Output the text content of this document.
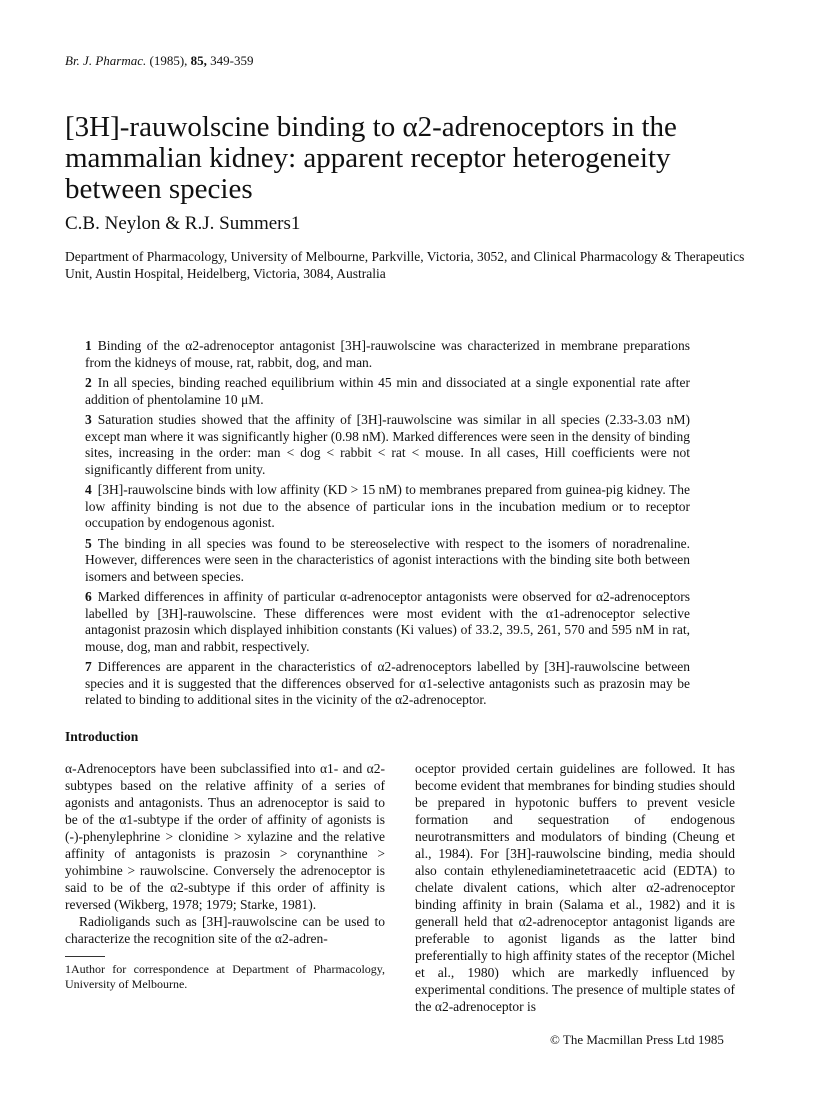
Br. J. Pharmac. (1985), 85, 349-359
[3H]-rauwolscine binding to α2-adrenoceptors in the mammalian kidney: apparent receptor heterogeneity between species
C.B. Neylon & R.J. Summers1

Department of Pharmacology, University of Melbourne, Parkville, Victoria, 3052, and Clinical Pharmacology & Therapeutics Unit, Austin Hospital, Heidelberg, Victoria, 3084, Australia

1 Binding of the α2-adrenoceptor antagonist [3H]-rauwolscine was characterized in membrane preparations from the kidneys of mouse, rat, rabbit, dog, and man.

2 In all species, binding reached equilibrium within 45 min and dissociated at a single exponential rate after addition of phentolamine 10 μM.

3 Saturation studies showed that the affinity of [3H]-rauwolscine was similar in all species (2.33-3.03 nM) except man where it was significantly higher (0.98 nM). Marked differences were seen in the density of binding sites, increasing in the order: man < dog < rabbit < rat < mouse. In all cases, Hill coefficients were not significantly different from unity.

4 [3H]-rauwolscine binds with low affinity (KD > 15 nM) to membranes prepared from guinea-pig kidney. The low affinity binding is not due to the absence of particular ions in the incubation medium or to receptor occupation by endogenous agonist.

5 The binding in all species was found to be stereoselective with respect to the isomers of noradrenaline. However, differences were seen in the characteristics of agonist interactions with the binding site both between isomers and between species.

6 Marked differences in affinity of particular α-adrenoceptor antagonists were observed for α2-adrenoceptors labelled by [3H]-rauwolscine. These differences were most evident with the α1-adrenoceptor selective antagonist prazosin which displayed inhibition constants (Ki values) of 33.2, 39.5, 261, 570 and 595 nM in rat, mouse, dog, man and rabbit, respectively.

7 Differences are apparent in the characteristics of α2-adrenoceptors labelled by [3H]-rauwolscine between species and it is suggested that the differences observed for α1-selective antagonists such as prazosin may be related to binding to additional sites in the vicinity of the α2-adrenoceptor.

Introduction

α-Adrenoceptors have been subclassified into α1- and α2-subtypes based on the relative affinity of a series of agonists and antagonists. Thus an adrenoceptor is said to be of the α1-subtype if the order of affinity of agonists is (-)-phenylephrine > clonidine > xylazine and the relative affinity of antagonists is prazosin > corynanthine > yohimbine > rauwolscine. Conversely the adrenoceptor is said to be of the α2-subtype if this order of affinity is reversed (Wikberg, 1978; 1979; Starke, 1981).

Radioligands such as [3H]-rauwolscine can be used to characterize the recognition site of the α2-adren-

oceptor provided certain guidelines are followed. It has become evident that membranes for binding studies should be prepared in hypotonic buffers to prevent vesicle formation and sequestration of endogenous neurotransmitters and modulators of binding (Cheung et al., 1984). For [3H]-rauwolscine binding, media should also contain ethylenediaminetetraacetic acid (EDTA) to chelate divalent cations, which alter α2-adrenoceptor binding affinity in brain (Salama et al., 1982) and it is generall held that α2-adrenoceptor antagonist ligands are preferable to agonist ligands as the latter bind preferentially to high affinity states of the receptor (Michel et al., 1980) which are markedly influenced by experimental conditions. The presence of multiple states of the α2-adrenoceptor is

1Author for correspondence at Department of Pharmacology, University of Melbourne.
© The Macmillan Press Ltd 1985
